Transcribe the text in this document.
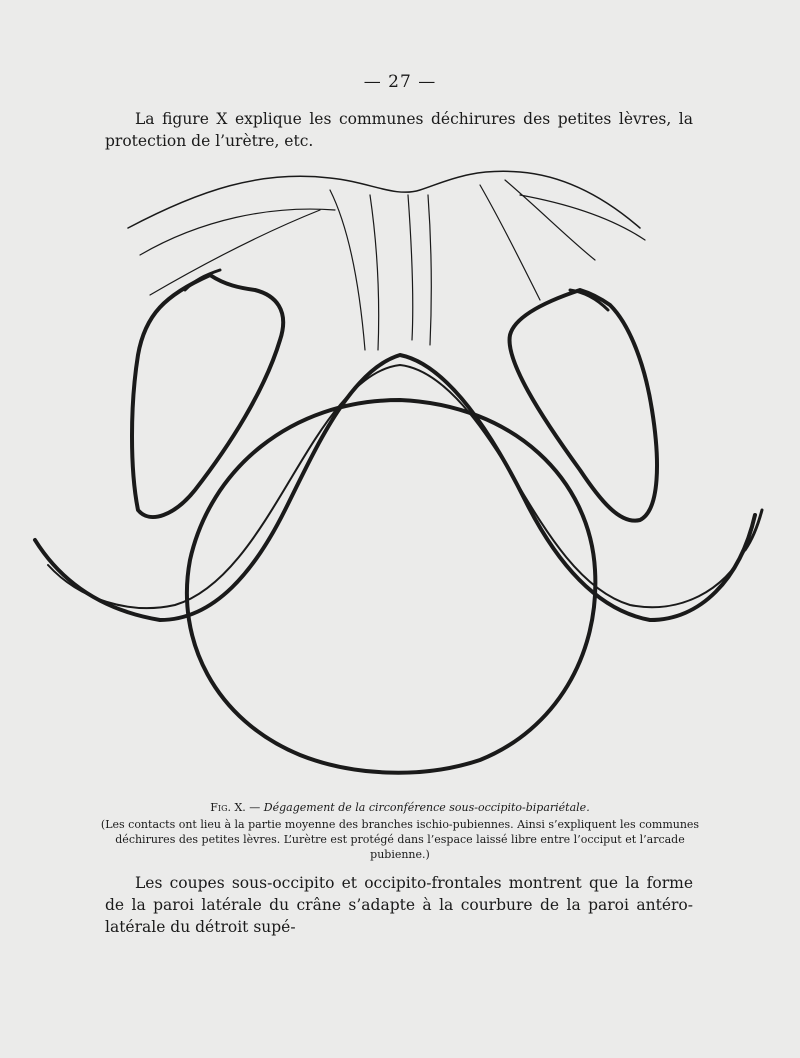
— 27 —

La figure X explique les communes déchirures des petites lèvres, la protection de l’urètre, etc.

Fig. X. — Dégagement de la circonférence sous-occipito-bipariétale.
(Les contacts ont lieu à la partie moyenne des branches ischio-pubiennes. Ainsi s’expliquent les communes déchirures des petites lèvres. L’urètre est protégé dans l’espace laissé libre entre l’occiput et l’arcade pubienne.)

Les coupes sous-occipito et occipito-frontales montrent que la forme de la paroi latérale du crâne s’adapte à la courbure de la paroi antéro-latérale du détroit supé-
